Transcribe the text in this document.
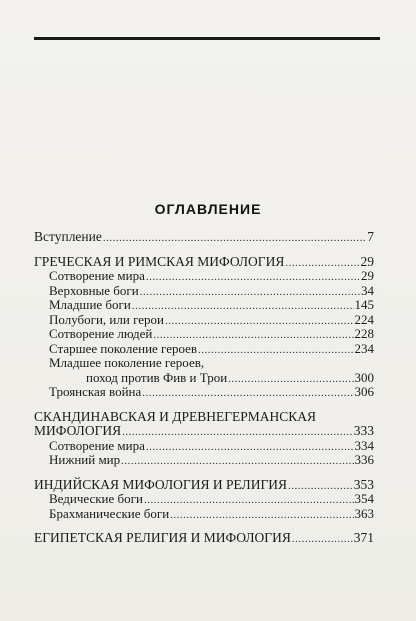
ОГЛАВЛЕНИЕ
Вступление .....	7
ГРЕЧЕСКАЯ И РИМСКАЯ МИФОЛОГИЯ .....	29
Сотворение мира .....	29
Верховные боги .....	34
Младшие боги .....	145
Полубоги, или герои .....	224
Сотворение людей .....	228
Старшее поколение героев .....	234
Младшее поколение героев,
поход против Фив и Трои .....	300
Троянская война .....	306
СКАНДИНАВСКАЯ И ДРЕВНЕГЕРМАНСКАЯ
МИФОЛОГИЯ .....	333
Сотворение мира .....	334
Нижний мир .....	336
ИНДИЙСКАЯ МИФОЛОГИЯ И РЕЛИГИЯ .....	353
Ведические боги .....	354
Брахманические боги .....	363
ЕГИПЕТСКАЯ РЕЛИГИЯ И МИФОЛОГИЯ .....	371
